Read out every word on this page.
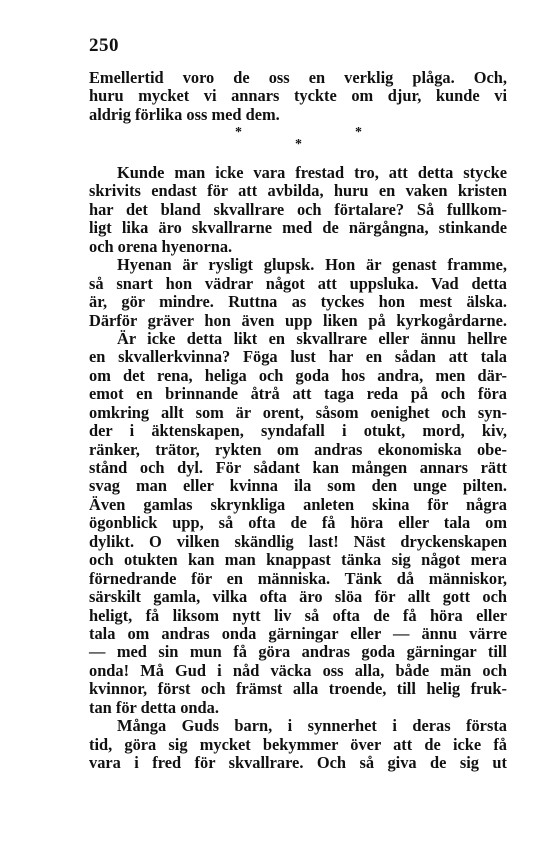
250
Emellertid voro de oss en verklig plåga. Och,
huru mycket vi annars tyckte om djur, kunde vi
aldrig förlika oss med dem.
*	*
*
Kunde man icke vara frestad tro, att detta stycke
skrivits endast för att avbilda, huru en vaken kristen
har det bland skvallrare och förtalare? Så fullkom-
ligt lika äro skvallrarne med de närgångna, stinkande
och orena hyenorna.
Hyenan är rysligt glupsk. Hon är genast framme,
så snart hon vädrar något att uppsluka. Vad detta
är, gör mindre. Ruttna as tyckes hon mest älska.
Därför gräver hon även upp liken på kyrkogårdarne.
Är icke detta likt en skvallrare eller ännu hellre
en skvallerkvinna? Föga lust har en sådan att tala
om det rena, heliga och goda hos andra, men där-
emot en brinnande åtrå att taga reda på och föra
omkring allt som är orent, såsom oenighet och syn-
der i äktenskapen, syndafall i otukt, mord, kiv,
ränker, trätor, rykten om andras ekonomiska obe-
stånd och dyl. För sådant kan mången annars rätt
svag man eller kvinna ila som den unge pilten.
Även gamlas skrynkliga anleten skina för några
ögonblick upp, så ofta de få höra eller tala om
dylikt. O vilken skändlig last! Näst dryckenskapen
och otukten kan man knappast tänka sig något mera
förnedrande för en människa. Tänk då människor,
särskilt gamla, vilka ofta äro slöa för allt gott och
heligt, få liksom nytt liv så ofta de få höra eller
tala om andras onda gärningar eller — ännu värre
— med sin mun få göra andras goda gärningar till
onda! Må Gud i nåd väcka oss alla, både män och
kvinnor, först och främst alla troende, till helig fruk-
tan för detta onda.
Många Guds barn, i synnerhet i deras första
tid, göra sig mycket bekymmer över att de icke få
vara i fred för skvallrare. Och så giva de sig ut
